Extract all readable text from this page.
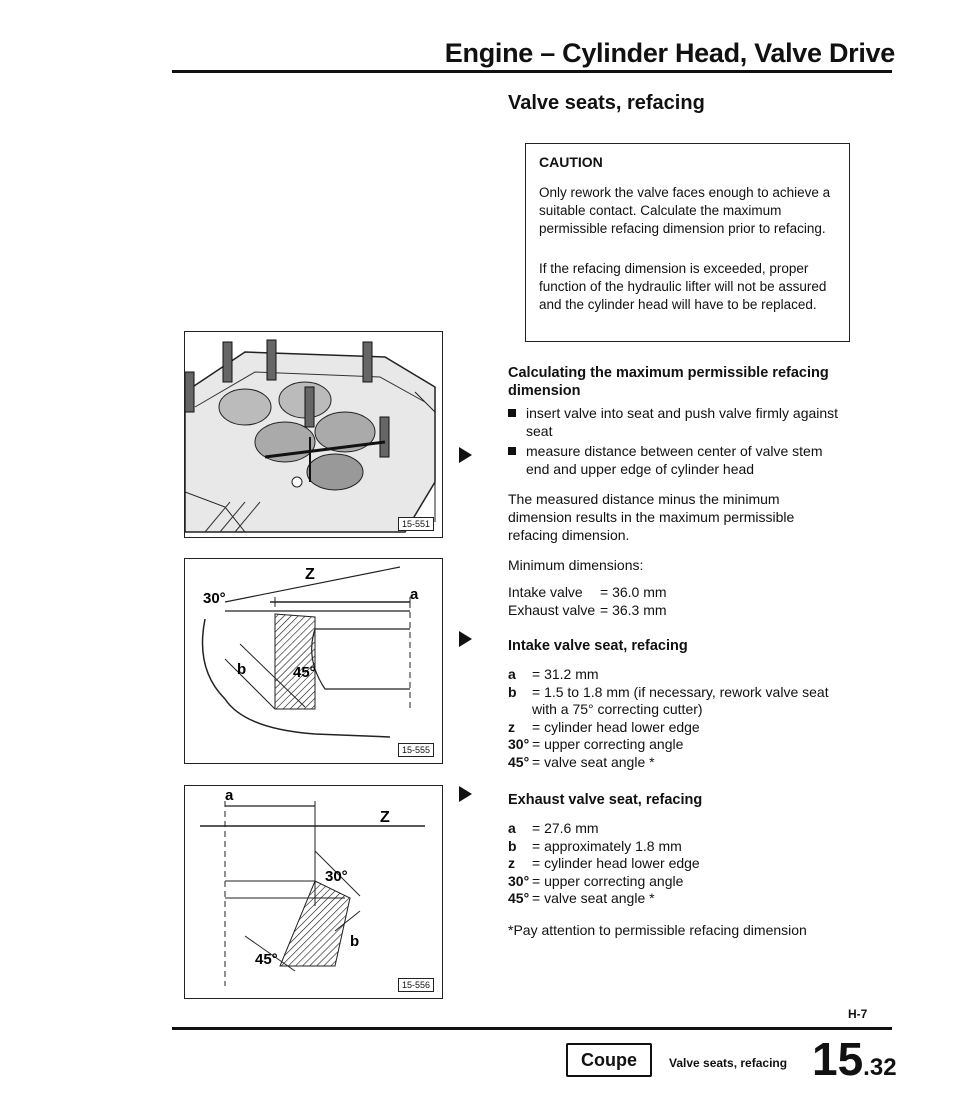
Engine – Cylinder Head, Valve Drive
Valve seats, refacing
CAUTION

Only rework the valve faces enough to achieve a suitable contact. Calculate the maximum permissible refacing dimension prior to refacing.

If the refacing dimension is exceeded, proper function of the hydraulic lifter will not be assured and the cylinder head will have to be replaced.

Calculating the maximum permissible refacing dimension
insert valve into seat and push valve firmly against seat
measure distance between center of valve stem end and upper edge of cylinder head
The measured distance minus the minimum dimension results in the maximum permissible refacing dimension.
Minimum dimensions:
Intake valve	= 36.0 mm
Exhaust valve	= 36.3 mm
Intake valve seat, refacing
a	= 31.2 mm
b	= 1.5 to 1.8 mm (if necessary, rework valve seat with a 75° correcting cutter)
z	= cylinder head lower edge
30°	= upper correcting angle
45°	= valve seat angle *
Exhaust valve seat, refacing
a	= 27.6 mm
b	= approximately 1.8 mm
z	= cylinder head lower edge
30°	= upper correcting angle
45°	= valve seat angle *
*Pay attention to permissible refacing dimension
15-551
Z
a
b
30°
45°
15-555
Z
a
b
30°
45°
15-556
H-7
Coupe	Valve seats, refacing 15.32
